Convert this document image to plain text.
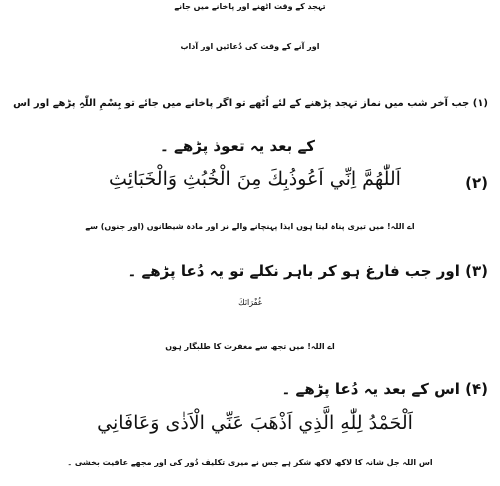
تہجد کے وقت اٹھنے اور پاخانے میں جانے
اور آنے کے وقت کی دُعائیں اور آداب
(۱) جب آخر شب میں نماز تہجد پڑھنے کے لئے اُٹھے تو اگر پاخانے میں جائے تو بِسْمِ اللّٰہِ پڑھے اور اس
کے بعد یہ تعوذ پڑھے ۔
(۲)
اَللّٰهُمَّ اِنِّي اَعُوذُبِكَ مِنَ الْخُبُثِ وَالْخَبَائِثِ
اے اللہ! میں تیری پناہ لیتا ہوں ایذا پہنچانے والے نر اور مادہ شیطانوں (اور جنوں) سے
(۳) اور جب فارغ ہو کر باہر نکلے تو یہ دُعا پڑھے ۔
غُفْرَانَكَ
اے اللہ! میں تجھ سے مغفرت کا طلبگار ہوں
(۴) اس کے بعد یہ دُعا پڑھے ۔
اَلْحَمْدُ لِلّٰهِ الَّذِي اَذْهَبَ عَنِّي الْاَذٰى وَعَافَانِي
اس اللہ جل شانہ کا لاکھ لاکھ شکر ہے جس نے میری تکلیف دُور کی اور مجھے عافیت بخشی ۔
